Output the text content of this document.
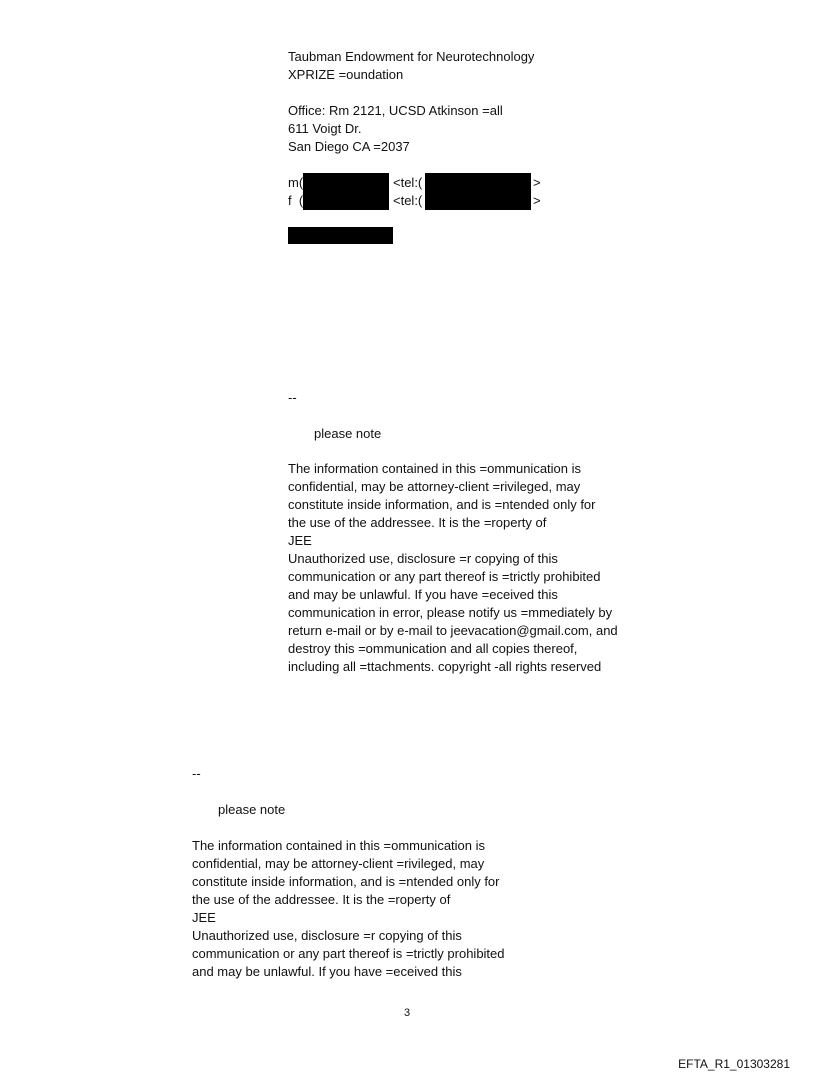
Taubman Endowment for Neurotechnology

XPRIZE =oundation

Office: Rm 2121, UCSD Atkinson =all

611 Voigt Dr.

San Diego CA =2037

m(	<tel:(	>

f  (	<tel:(	>

--

please note

The information contained in this =ommunication is

confidential, may be attorney-client =rivileged, may

constitute inside information, and is =ntended only for

the use of the addressee. It is the =roperty of

JEE

Unauthorized use, disclosure =r copying of this

communication or any part thereof is =trictly prohibited

and may be unlawful. If you have =eceived this

communication in error, please notify us =mmediately by

return e-mail or by e-mail to jeevacation@gmail.com, and

destroy this =ommunication and all copies thereof,

including all =ttachments. copyright -all rights reserved

--

please note

The information contained in this =ommunication is

confidential, may be attorney-client =rivileged, may

constitute inside information, and is =ntended only for

the use of the addressee. It is the =roperty of

JEE

Unauthorized use, disclosure =r copying of this

communication or any part thereof is =trictly prohibited

and may be unlawful. If you have =eceived this

3

EFTA_R1_01303281
